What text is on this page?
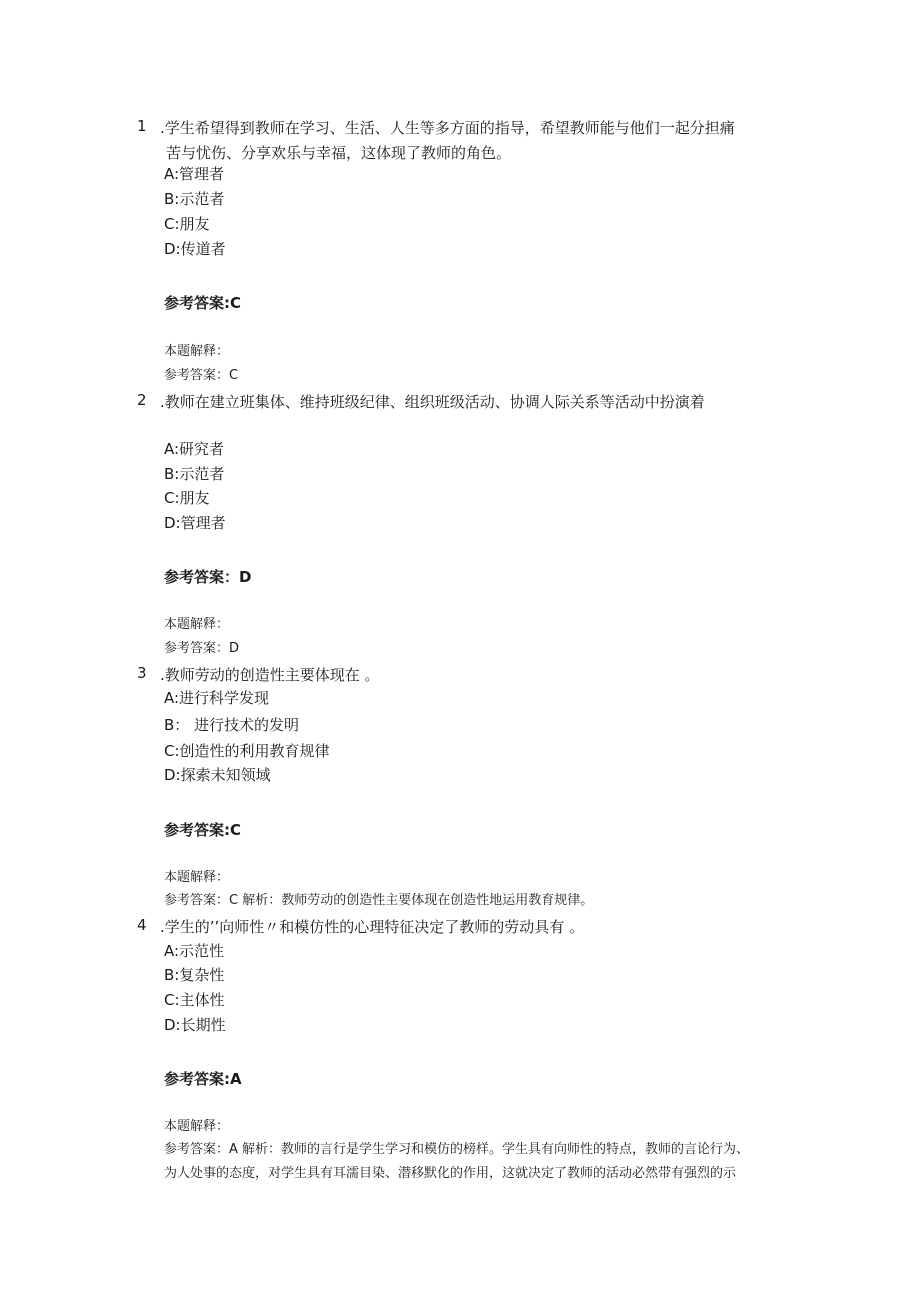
1 .学生希望得到教师在学习、生活、人生等多方面的指导，希望教师能与他们一起分担痛
苦与忧伤、分享欢乐与幸福，这体现了教师的角色。
A:管理者
B:示范者
C:朋友
D:传道者
参考答案:C
本题解释：
参考答案：C
2 .教师在建立班集体、维持班级纪律、组织班级活动、协调人际关系等活动中扮演着
A:研究者
B:示范者
C:朋友
D:管理者
参考答案：D
本题解释：
参考答案：D
3 .教师劳动的创造性主要体现在 。
A:进行科学发现
B： 进行技术的发明
C:创造性的利用教育规律
D:探索未知领域
参考答案:C
本题解释：
参考答案：C 解析：教师劳动的创造性主要体现在创造性地运用教育规律。
4 .学生的’’向师性〃和模仿性的心理特征决定了教师的劳动具有 。
A:示范性
B:复杂性
C:主体性
D:长期性
参考答案:A
本题解释：
参考答案：A 解析：教师的言行是学生学习和模仿的榜样。学生具有向师性的特点，教师的言论行为、
为人处事的态度，对学生具有耳濡目染、潜移默化的作用，这就决定了教师的活动必然带有强烈的示
